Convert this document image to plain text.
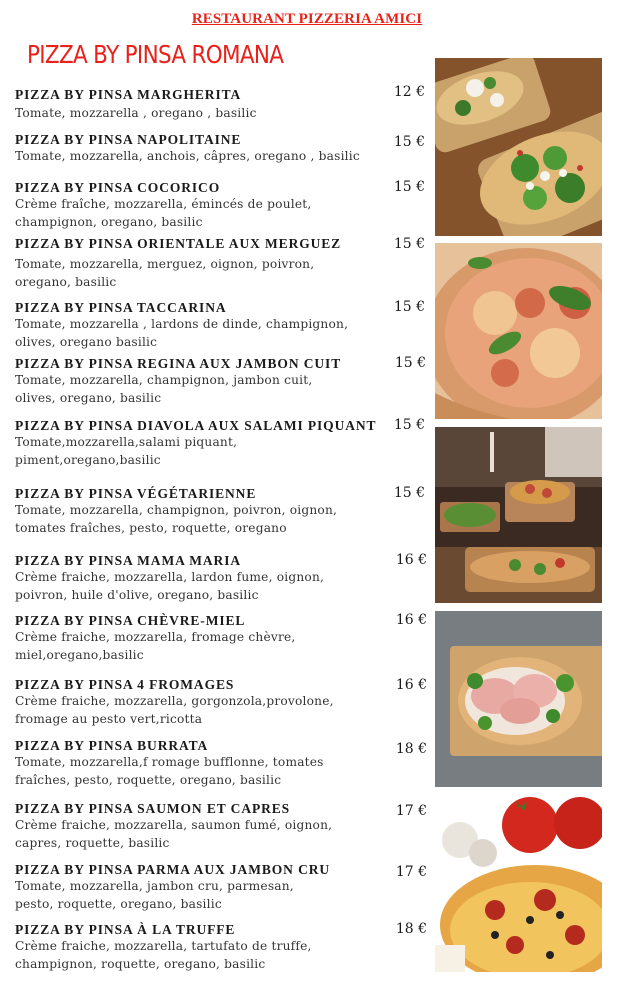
RESTAURANT PIZZERIA AMICI
PIZZA BY PINSA ROMANA
PIZZA BY PINSA MARGHERITA
Tomate, mozzarella , oregano , basilic
12 €
PIZZA BY PINSA NAPOLITAINE
Tomate, mozzarella, anchois, câpres, oregano , basilic
15 €
PIZZA BY PINSA COCORICO
Crème fraîche, mozzarella, émincés de poulet, champignon, oregano, basilic
15 €
PIZZA BY PINSA ORIENTALE AUX MERGUEZ
Tomate, mozzarella, merguez, oignon, poivron, oregano, basilic
15 €
PIZZA BY PINSA TACCARINA
Tomate, mozzarella , lardons de dinde, champignon, olives, oregano basilic
15 €
PIZZA BY PINSA REGINA AUX JAMBON CUIT
Tomate, mozzarella, champignon, jambon cuit, olives, oregano, basilic
15 €
PIZZA BY PINSA DIAVOLA AUX SALAMI PIQUANT
Tomate,mozzarella,salami piquant, piment,oregano,basilic
15 €
PIZZA BY PINSA VÉGÉTARIENNE
Tomate, mozzarella, champignon, poivron, oignon, tomates fraîches, pesto, roquette, oregano
15 €
PIZZA BY PINSA MAMA MARIA
Crème fraiche, mozzarella, lardon fume, oignon, poivron, huile d'olive, oregano, basilic
16 €
PIZZA BY PINSA CHÈVRE-MIEL
Crème fraiche, mozzarella, fromage chèvre, miel,oregano,basilic
16 €
PIZZA BY PINSA 4 FROMAGES
Crème fraiche, mozzarella, gorgonzola,provolone, fromage au pesto vert,ricotta
16 €
PIZZA BY PINSA BURRATA
Tomate, mozzarella,f romage bufflonne, tomates fraîches, pesto, roquette, oregano, basilic
18 €
PIZZA BY PINSA SAUMON ET CAPRES
Crème fraiche, mozzarella, saumon fumé, oignon, capres, roquette, basilic
17 €
PIZZA BY PINSA PARMA AUX JAMBON CRU
Tomate, mozzarella, jambon cru, parmesan, pesto, roquette, oregano, basilic
17 €
PIZZA BY PINSA À LA TRUFFE
Crème fraiche, mozzarella, tartufato de truffe, champignon, roquette, oregano, basilic
18 €
